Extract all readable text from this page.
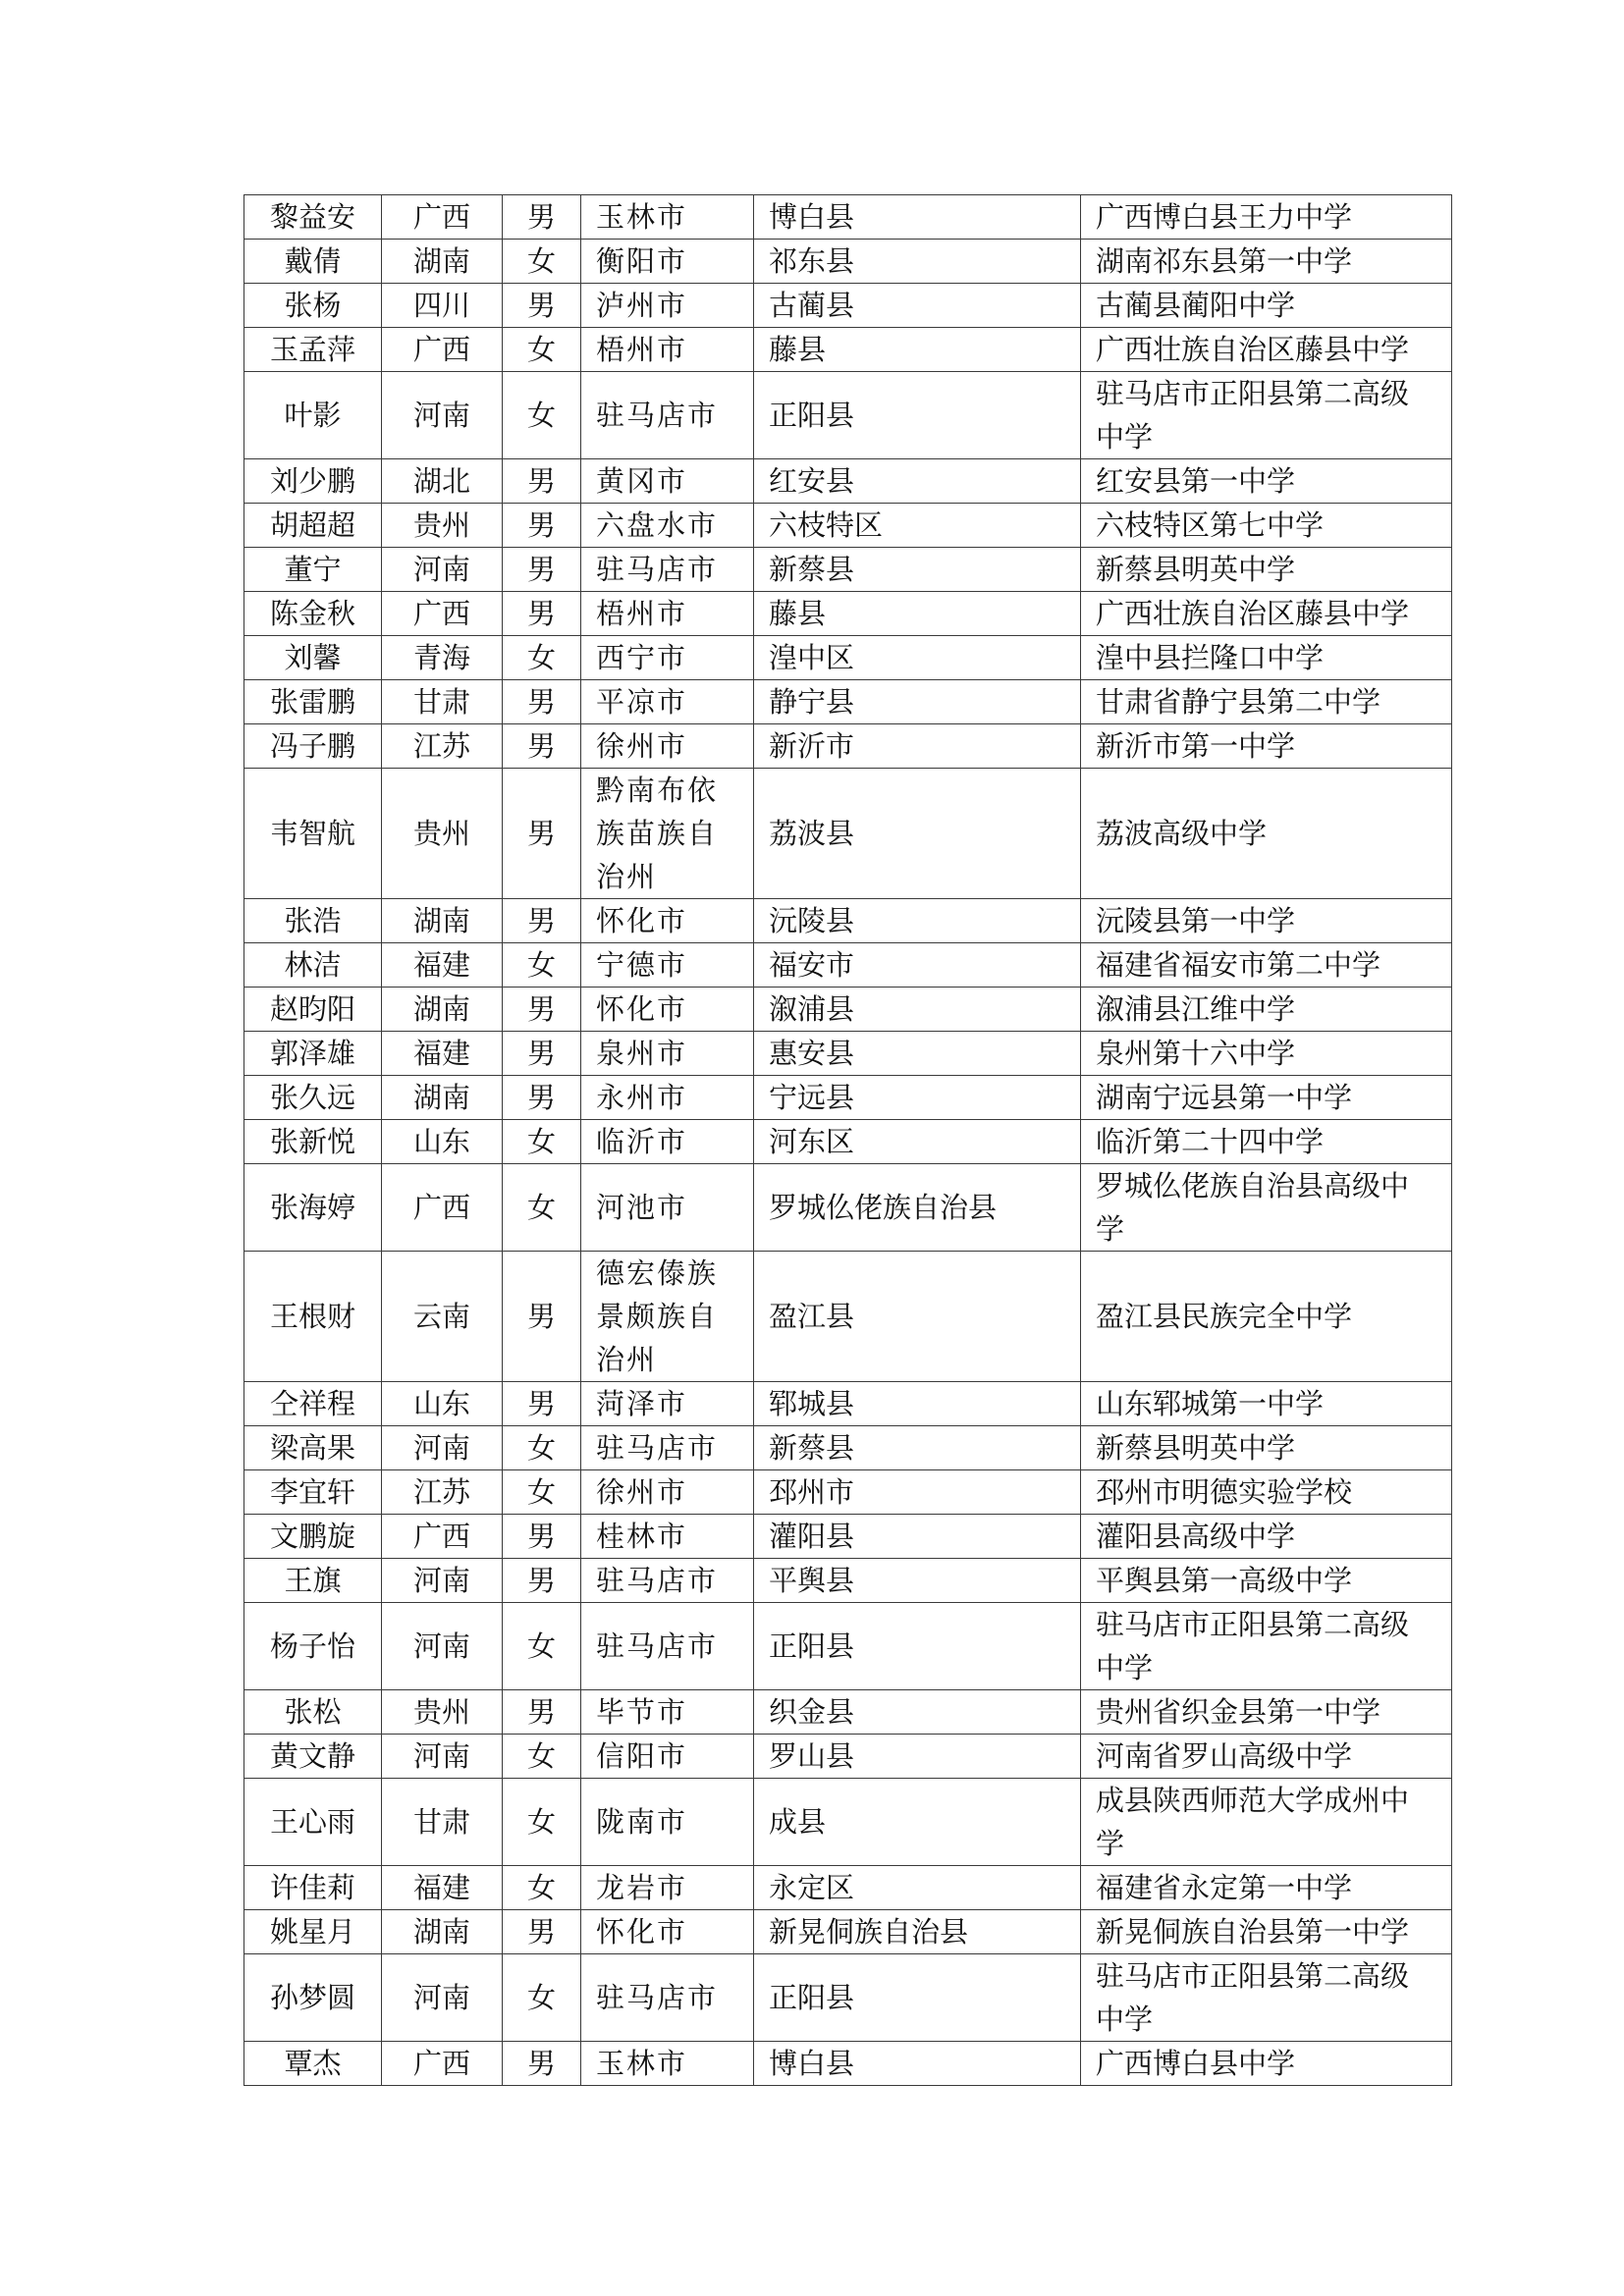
黎益安	广西	男	玉林市	博白县	广西博白县王力中学
戴倩	湖南	女	衡阳市	祁东县	湖南祁东县第一中学
张杨	四川	男	泸州市	古蔺县	古蔺县蔺阳中学
玉孟萍	广西	女	梧州市	藤县	广西壮族自治区藤县中学
叶影	河南	女	驻马店市	正阳县	驻马店市正阳县第二高级中学
刘少鹏	湖北	男	黄冈市	红安县	红安县第一中学
胡超超	贵州	男	六盘水市	六枝特区	六枝特区第七中学
董宁	河南	男	驻马店市	新蔡县	新蔡县明英中学
陈金秋	广西	男	梧州市	藤县	广西壮族自治区藤县中学
刘馨	青海	女	西宁市	湟中区	湟中县拦隆口中学
张雷鹏	甘肃	男	平凉市	静宁县	甘肃省静宁县第二中学
冯子鹏	江苏	男	徐州市	新沂市	新沂市第一中学
韦智航	贵州	男	黔南布依族苗族自治州	荔波县	荔波高级中学
张浩	湖南	男	怀化市	沅陵县	沅陵县第一中学
林洁	福建	女	宁德市	福安市	福建省福安市第二中学
赵昀阳	湖南	男	怀化市	溆浦县	溆浦县江维中学
郭泽雄	福建	男	泉州市	惠安县	泉州第十六中学
张久远	湖南	男	永州市	宁远县	湖南宁远县第一中学
张新悦	山东	女	临沂市	河东区	临沂第二十四中学
张海婷	广西	女	河池市	罗城仫佬族自治县	罗城仫佬族自治县高级中学
王根财	云南	男	德宏傣族景颇族自治州	盈江县	盈江县民族完全中学
仝祥程	山东	男	菏泽市	郓城县	山东郓城第一中学
梁高果	河南	女	驻马店市	新蔡县	新蔡县明英中学
李宜轩	江苏	女	徐州市	邳州市	邳州市明德实验学校
文鹏旋	广西	男	桂林市	灌阳县	灌阳县高级中学
王旗	河南	男	驻马店市	平舆县	平舆县第一高级中学
杨子怡	河南	女	驻马店市	正阳县	驻马店市正阳县第二高级中学
张松	贵州	男	毕节市	织金县	贵州省织金县第一中学
黄文静	河南	女	信阳市	罗山县	河南省罗山高级中学
王心雨	甘肃	女	陇南市	成县	成县陕西师范大学成州中学
许佳莉	福建	女	龙岩市	永定区	福建省永定第一中学
姚星月	湖南	男	怀化市	新晃侗族自治县	新晃侗族自治县第一中学
孙梦圆	河南	女	驻马店市	正阳县	驻马店市正阳县第二高级中学
覃杰	广西	男	玉林市	博白县	广西博白县中学
